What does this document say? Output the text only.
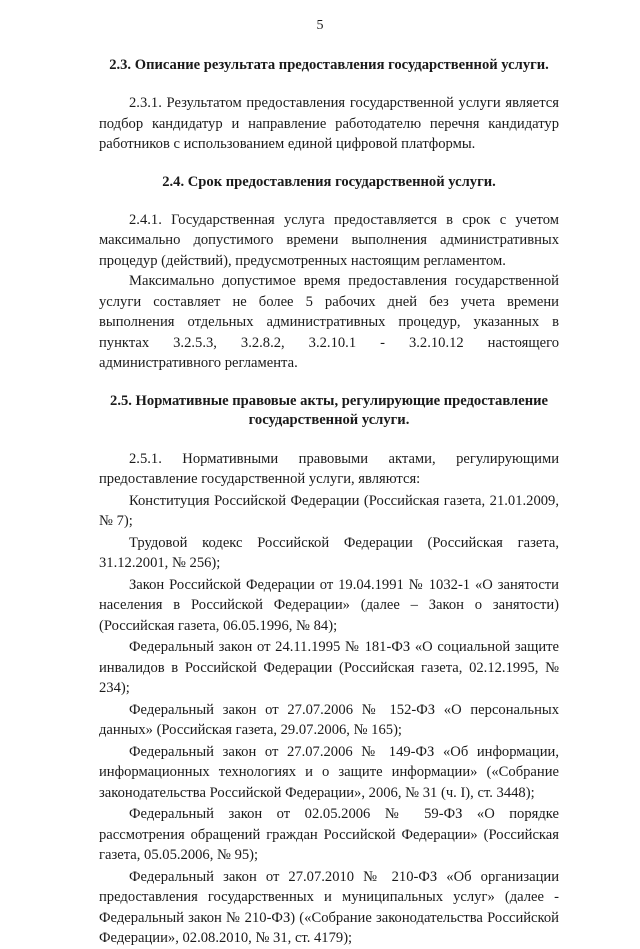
5
2.3. Описание результата предоставления государственной услуги.

2.3.1. Результатом предоставления государственной услуги является подбор кандидатур и направление работодателю перечня кандидатур работников с использованием единой цифровой платформы.

2.4. Срок предоставления государственной услуги.

2.4.1. Государственная услуга предоставляется в срок с учетом максимально допустимого времени выполнения административных процедур (действий), предусмотренных настоящим регламентом.

Максимально допустимое время предоставления государственной услуги составляет не более 5 рабочих дней без учета времени выполнения отдельных административных процедур, указанных в пунктах 3.2.5.3, 3.2.8.2, 3.2.10.1 - 3.2.10.12 настоящего административного регламента.

2.5. Нормативные правовые акты, регулирующие предоставление государственной услуги.

2.5.1. Нормативными правовыми актами, регулирующими предоставление государственной услуги, являются:

Конституция Российской Федерации (Российская газета, 21.01.2009, № 7);

Трудовой кодекс Российской Федерации (Российская газета, 31.12.2001, № 256);

Закон Российской Федерации от 19.04.1991 № 1032-1 «О занятости населения в Российской Федерации» (далее – Закон о занятости) (Российская газета, 06.05.1996, № 84);

Федеральный закон от 24.11.1995 № 181-ФЗ «О социальной защите инвалидов в Российской Федерации (Российская газета, 02.12.1995, № 234);

Федеральный закон от 27.07.2006 № 152-ФЗ «О персональных данных» (Российская газета, 29.07.2006, № 165);

Федеральный закон от 27.07.2006 № 149-ФЗ «Об информации, информационных технологиях и о защите информации» («Собрание законодательства Российской Федерации», 2006, № 31 (ч. I), ст. 3448);

Федеральный закон от 02.05.2006 № 59-ФЗ «О порядке рассмотрения обращений граждан Российской Федерации» (Российская газета, 05.05.2006, № 95);

Федеральный закон от 27.07.2010 № 210-ФЗ «Об организации предоставления государственных и муниципальных услуг» (далее - Федеральный закон № 210-ФЗ) («Собрание законодательства Российской Федерации», 02.08.2010, № 31, ст. 4179);
